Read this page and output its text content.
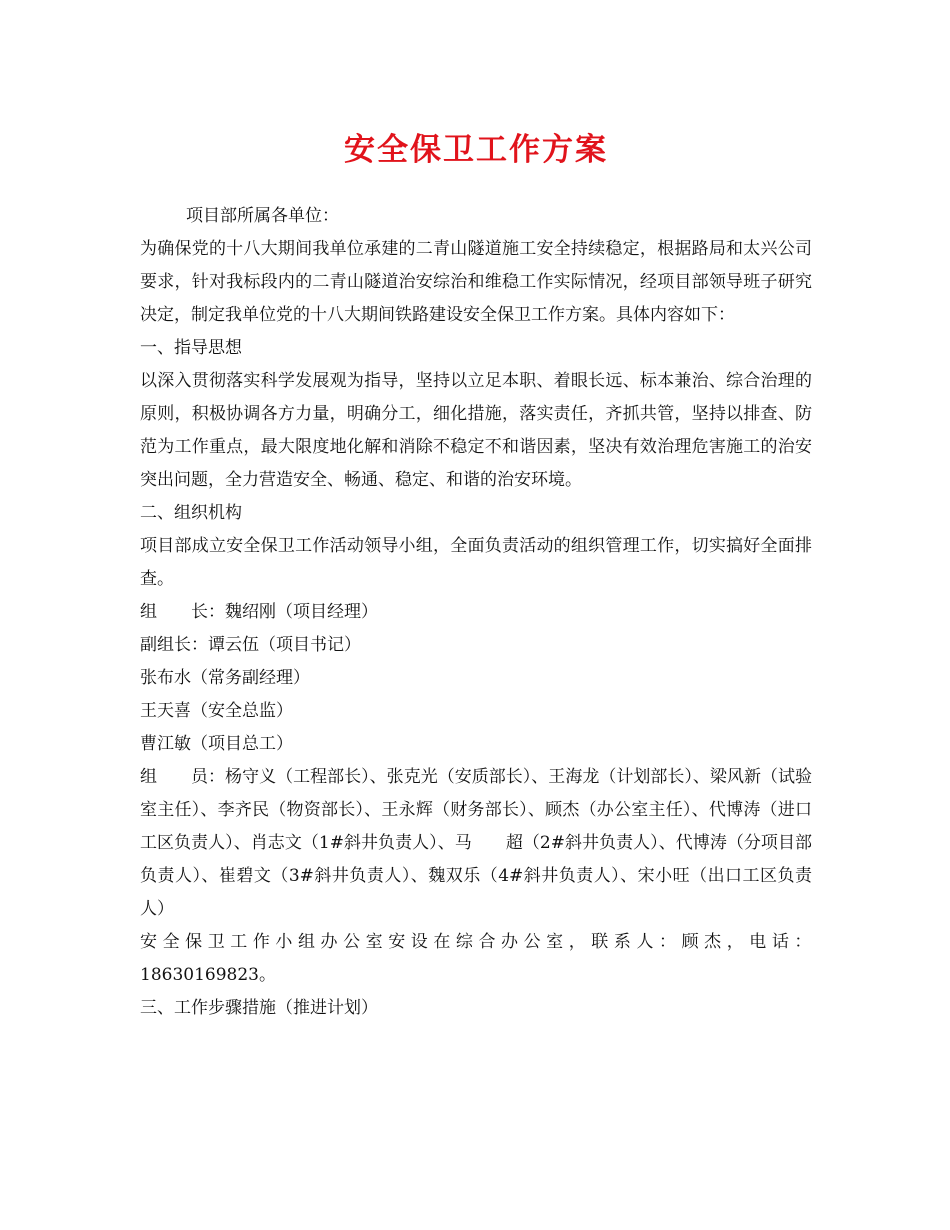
安全保卫工作方案

项目部所属各单位：

为确保党的十八大期间我单位承建的二青山隧道施工安全持续稳定，根据路局和太兴公司要求，针对我标段内的二青山隧道治安综治和维稳工作实际情况，经项目部领导班子研究决定，制定我单位党的十八大期间铁路建设安全保卫工作方案。具体内容如下：

一、指导思想

以深入贯彻落实科学发展观为指导，坚持以立足本职、着眼长远、标本兼治、综合治理的原则，积极协调各方力量，明确分工，细化措施，落实责任，齐抓共管，坚持以排查、防范为工作重点，最大限度地化解和消除不稳定不和谐因素，坚决有效治理危害施工的治安突出问题，全力营造安全、畅通、稳定、和谐的治安环境。

二、组织机构

项目部成立安全保卫工作活动领导小组，全面负责活动的组织管理工作，切实搞好全面排查。

组　　长：魏绍刚（项目经理）

副组长：谭云伍（项目书记）

张布水（常务副经理）

王天喜（安全总监）

曹江敏（项目总工）

组　　员：杨守义（工程部长）、张克光（安质部长）、王海龙（计划部长）、梁风新（试验室主任）、李齐民（物资部长）、王永辉（财务部长）、顾杰（办公室主任）、代博涛（进口工区负责人）、肖志文（1#斜井负责人）、马　　超（2#斜井负责人）、代博涛（分项目部负责人）、崔碧文（3#斜井负责人）、魏双乐（4#斜井负责人）、宋小旺（出口工区负责人）

安全保卫工作小组办公室安设在综合办公室，联系人：顾杰，电话：

18630169823。

三、工作步骤措施（推进计划）
